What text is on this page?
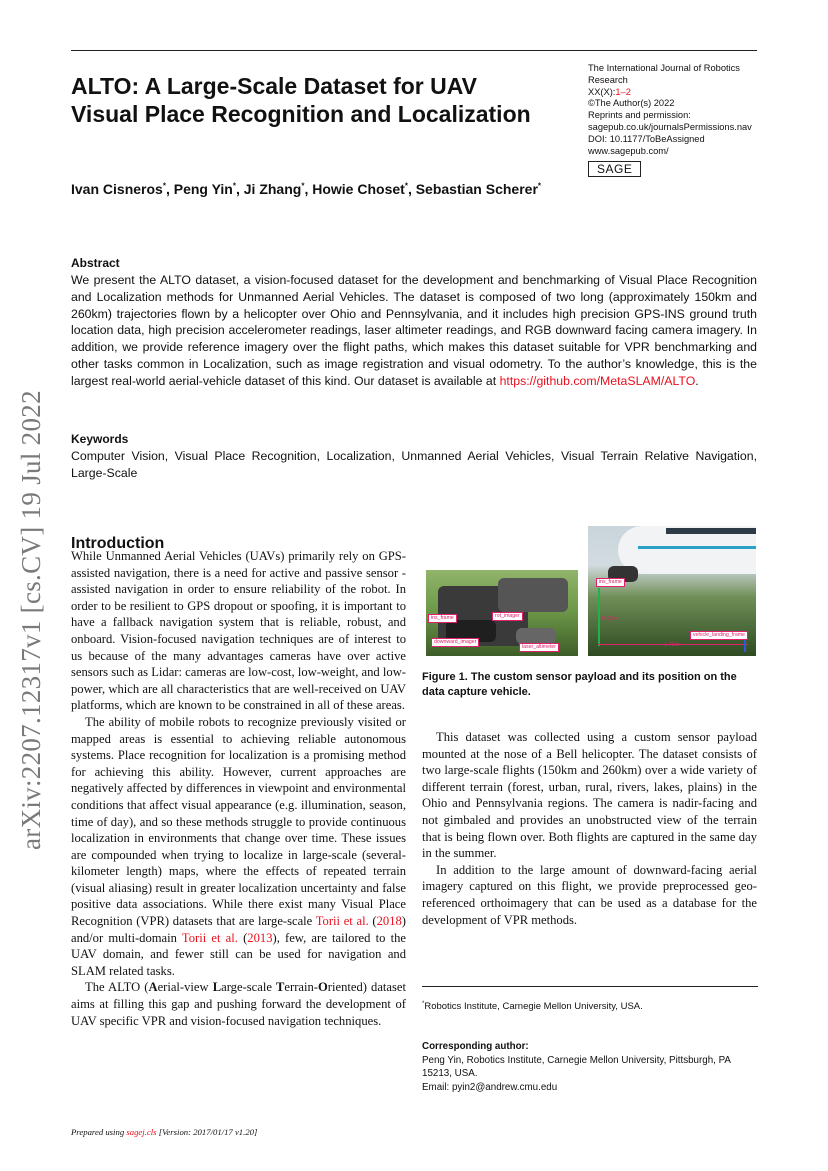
ALTO: A Large-Scale Dataset for UAV Visual Place Recognition and Localization
The International Journal of Robotics
Research
XX(X):1–2
©The Author(s) 2022
Reprints and permission:
sagepub.co.uk/journalsPermissions.nav
DOI: 10.1177/ToBeAssigned
www.sagepub.com/
SAGE
Ivan Cisneros*, Peng Yin*, Ji Zhang*, Howie Choset*, Sebastian Scherer*
Abstract
We present the ALTO dataset, a vision-focused dataset for the development and benchmarking of Visual Place Recognition and Localization methods for Unmanned Aerial Vehicles. The dataset is composed of two long (approximately 150km and 260km) trajectories flown by a helicopter over Ohio and Pennsylvania, and it includes high precision GPS-INS ground truth location data, high precision accelerometer readings, laser altimeter readings, and RGB downward facing camera imagery. In addition, we provide reference imagery over the flight paths, which makes this dataset suitable for VPR benchmarking and other tasks common in Localization, such as image registration and visual odometry. To the author’s knowledge, this is the largest real-world aerial-vehicle dataset of this kind. Our dataset is available at https://github.com/MetaSLAM/ALTO.
Keywords
Computer Vision, Visual Place Recognition, Localization, Unmanned Aerial Vehicles, Visual Terrain Relative Navigation, Large-Scale
Introduction

While Unmanned Aerial Vehicles (UAVs) primarily rely on GPS-assisted navigation, there is a need for active and passive sensor -assisted navigation in order to ensure reliability of the robot. In order to be resilient to GPS dropout or spoofing, it is important to have a fallback navigation system that is reliable, robust, and onboard. Vision-focused navigation techniques are of interest to us because of the many advantages cameras have over active sensors such as Lidar: cameras are low-cost, low-weight, and low-power, which are all characteristics that are well-received on UAV platforms, which are known to be constrained in all of these areas.

The ability of mobile robots to recognize previously visited or mapped areas is essential to achieving reliable autonomous systems. Place recognition for localization is a promising method for achieving this ability. However, current approaches are negatively affected by differences in viewpoint and environmental conditions that affect visual appearance (e.g. illumination, season, time of day), and so these methods struggle to provide continuous localization in environments that change over time. These issues are compounded when trying to localize in large-scale (several-kilometer length) maps, where the effects of repeated terrain (visual aliasing) result in greater localization uncertainty and false positive data associations. While there exist many Visual Place Recognition (VPR) datasets that are large-scale Torii et al. (2018) and/or multi-domain Torii et al. (2013), few, are tailored to the UAV domain, and fewer still can be used for navigation and SLAM related tasks.

The ALTO (Aerial-view Large-scale Terrain-Oriented) dataset aims at filling this gap and pushing forward the development of UAV specific VPR and vision-focused navigation techniques.

ins_frame	rot_imager
downward_imager
laser_altimeter
ins_frame
vehicle_landing_frame
0.63m
1.70m
Figure 1. The custom sensor payload and its position on the data capture vehicle.

This dataset was collected using a custom sensor payload mounted at the nose of a Bell helicopter. The dataset consists of two large-scale flights (150km and 260km) over a wide variety of different terrain (forest, urban, rural, rivers, lakes, plains) in the Ohio and Pennsylvania regions. The camera is nadir-facing and not gimbaled and provides an unobstructed view of the terrain that is being flown over. Both flights are captured in the same day in the summer.

In addition to the large amount of downward-facing aerial imagery captured on this flight, we provide preprocessed geo-referenced orthoimagery that can be used as a database for the development of VPR methods.

*Robotics Institute, Carnegie Mellon University, USA.
Corresponding author:
Peng Yin, Robotics Institute, Carnegie Mellon University, Pittsburgh, PA 15213, USA.
Email: pyin2@andrew.cmu.edu
arXiv:2207.12317v1 [cs.CV] 19 Jul 2022
Prepared using sagej.cls [Version: 2017/01/17 v1.20]
